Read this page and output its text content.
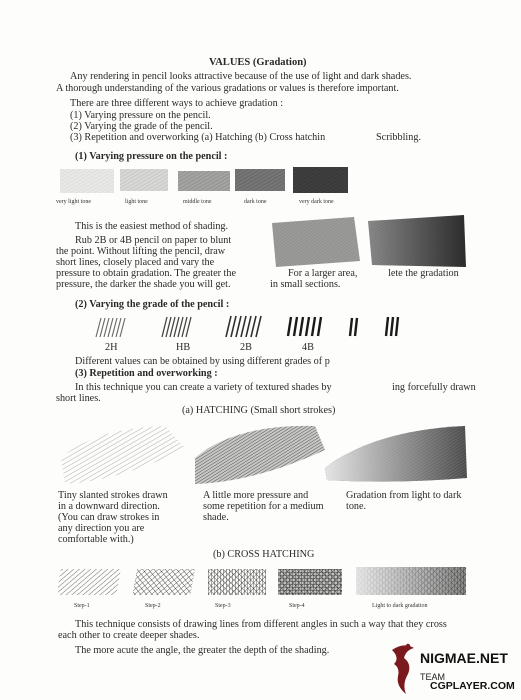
VALUES (Gradation)
Any rendering in pencil looks attractive because of the use of light and dark shades.
A thorough understanding of the various gradations or values is therefore important.
There are three different ways to achieve gradation :
(1) Varying pressure on the pencil.
(2) Varying the grade of the pencil.
(3) Repetition and overworking (a) Hatching (b) Cross hatchin	Scribbling.
(1) Varying pressure on the pencil :
very light tone	light tone	middle tone	dark tone	very dark tone
This is the easiest method of shading.
Rub 2B or 4B pencil on paper to blunt
the point. Without lifting the pencil, draw
short lines, closely placed and vary the
pressure to obtain gradation. The greater the
pressure, the darker the shade you will get.
For a larger area,
in small sections.
lete the gradation
(2) Varying the grade of the pencil :
2H	HB	2B	4B
Different values can be obtained by using different grades of p
(3) Repetition and overworking :
In this technique you can create a variety of textured shades by	ing forcefully drawn
short lines.
(a) HATCHING (Small short strokes)
Tiny slanted strokes drawn
in a downward direction.
(You can draw strokes in
any direction you are
comfortable with.)
A little more pressure and
some repetition for a medium
shade.
Gradation from light to dark
tone.
(b) CROSS HATCHING
Step-1	Step-2	Step-3	Step-4	Light to dark gradation
This technique consists of drawing lines from different angles in such a way that they cross
each other to create deeper shades.
The more acute the angle, the greater the depth of the shading.	NIGMAE.NET
TEAM
CGPLAYER.COM
